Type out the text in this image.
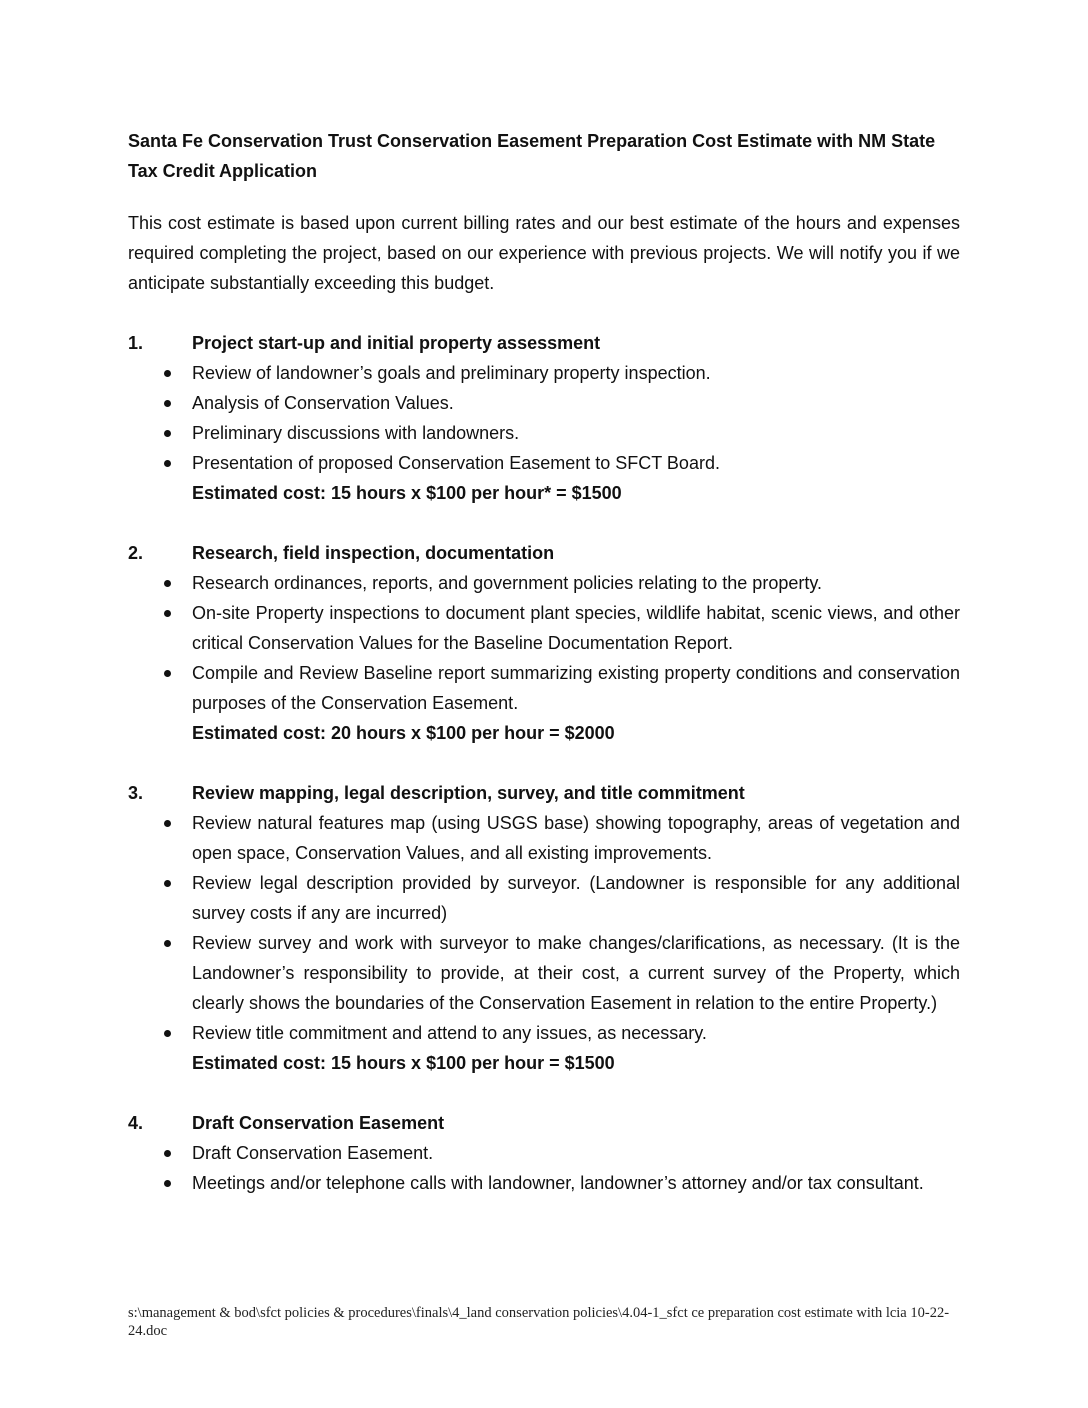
Santa Fe Conservation Trust Conservation Easement Preparation Cost Estimate with NM State Tax Credit Application

This cost estimate is based upon current billing rates and our best estimate of the hours and expenses required completing the project, based on our experience with previous projects. We will notify you if we anticipate substantially exceeding this budget.

1.	Project start-up and initial property assessment
Review of landowner’s goals and preliminary property inspection.
Analysis of Conservation Values.
Preliminary discussions with landowners.
Presentation of proposed Conservation Easement to SFCT Board.
Estimated cost: 15 hours x $100 per hour* = $1500
2.	Research, field inspection, documentation
Research ordinances, reports, and government policies relating to the property.
On-site Property inspections to document plant species, wildlife habitat, scenic views, and other critical Conservation Values for the Baseline Documentation Report.
Compile and Review Baseline report summarizing existing property conditions and conservation purposes of the Conservation Easement.
Estimated cost: 20 hours x $100 per hour = $2000
3.	Review mapping, legal description, survey, and title commitment
Review natural features map (using USGS base) showing topography, areas of vegetation and open space, Conservation Values, and all existing improvements.
Review legal description provided by surveyor. (Landowner is responsible for any additional survey costs if any are incurred)
Review survey and work with surveyor to make changes/clarifications, as necessary. (It is the Landowner’s responsibility to provide, at their cost, a current survey of the Property, which clearly shows the boundaries of the Conservation Easement in relation to the entire Property.)
Review title commitment and attend to any issues, as necessary.
Estimated cost: 15 hours x $100 per hour = $1500
4.	Draft Conservation Easement
Draft Conservation Easement.
Meetings and/or telephone calls with landowner, landowner’s attorney and/or tax consultant.
s:\management & bod\sfct policies & procedures\finals\4_land conservation policies\4.04-1_sfct ce preparation cost estimate with lcia 10-22-24.doc
